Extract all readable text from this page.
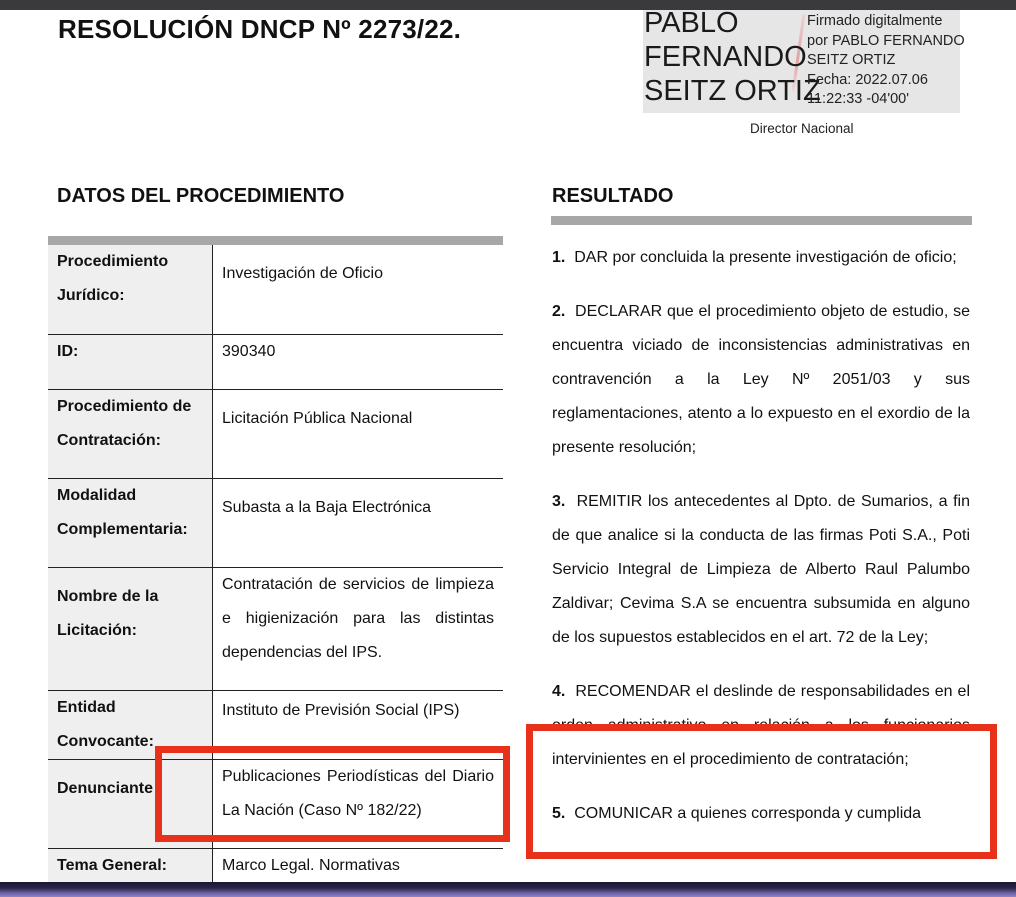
RESOLUCIÓN DNCP Nº 2273/22.	PABLO
FERNANDO
SEITZ ORTIZ
Firmado digitalmente
por PABLO FERNANDO
SEITZ ORTIZ
Fecha: 2022.07.06
11:22:33 -04'00'
Director Nacional
DATOS DEL PROCEDIMIENTO
Procedimiento Jurídico:	Investigación de Oficio
ID:	390340
Procedimiento de Contratación:	Licitación Pública Nacional
Modalidad Complementaria:	Subasta a la Baja Electrónica
Nombre de la Licitación:	Contratación de servicios de limpieza e higienización para las distintas dependencias del IPS.
Entidad Convocante:	Instituto de Previsión Social (IPS)
Denunciante	Publicaciones Periodísticas del Diario La Nación (Caso Nº 182/22)
Tema General:	Marco Legal. Normativas
RESULTADO
1. DAR por concluida la presente investigación de oficio;
2. DECLARAR que el procedimiento objeto de estudio, se encuentra viciado de inconsistencias administrativas en contravención a la Ley Nº 2051/03 y sus reglamentaciones, atento a lo expuesto en el exordio de la presente resolución;
3. REMITIR los antecedentes al Dpto. de Sumarios, a fin de que analice si la conducta de las firmas Poti S.A., Poti Servicio Integral de Limpieza de Alberto Raul Palumbo Zaldivar; Cevima S.A se encuentra subsumida en alguno de los supuestos establecidos en el art. 72 de la Ley;
4. RECOMENDAR el deslinde de responsabilidades en el orden administrativo en relación a los funcionarios intervinientes en el procedimiento de contratación;
5. COMUNICAR a quienes corresponda y cumplida
